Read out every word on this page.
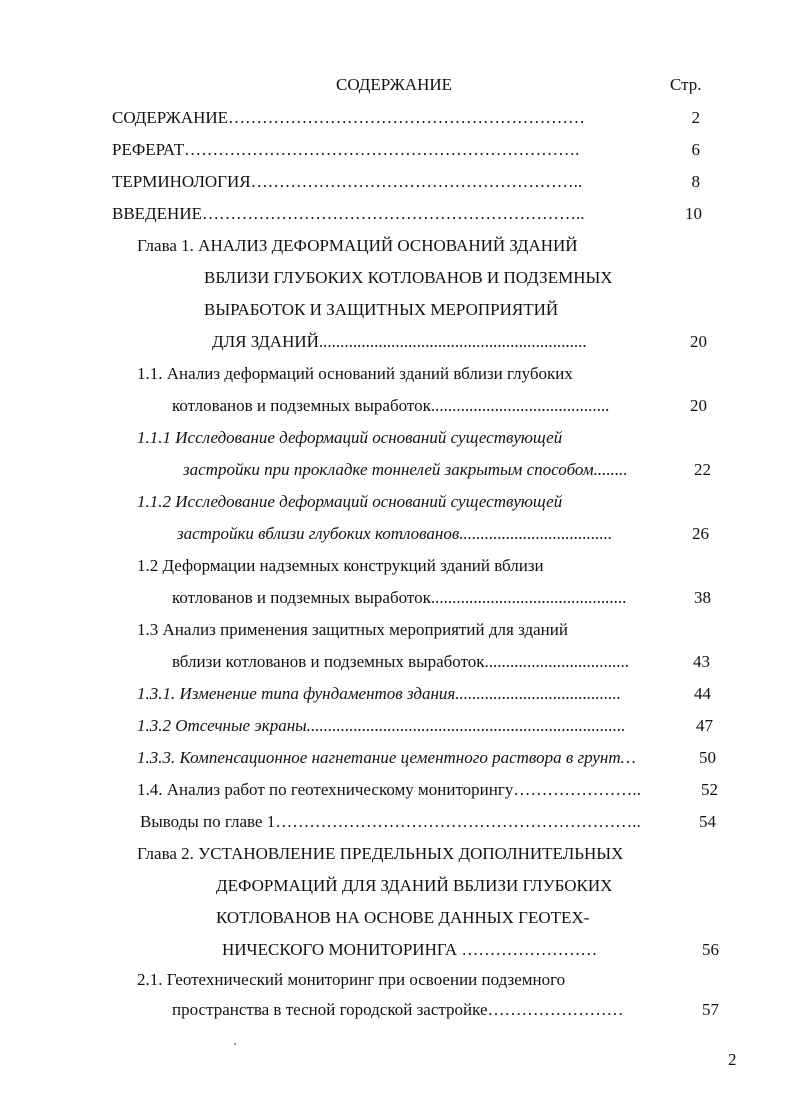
СОДЕРЖАНИЕ	Стр.
СОДЕРЖАНИЕ………………………………………………………	2
РЕФЕРАТ…………………………………………………………….	6
ТЕРМИНОЛОГИЯ…………………………………………………..	8
ВВЕДЕНИЕ…………………………………………………………..	10
Глава 1. АНАЛИЗ ДЕФОРМАЦИЙ ОСНОВАНИЙ ЗДАНИЙ
ВБЛИЗИ ГЛУБОКИХ КОТЛОВАНОВ И ПОДЗЕМНЫХ
ВЫРАБОТОК И ЗАЩИТНЫХ МЕРОПРИЯТИЙ
ДЛЯ ЗДАНИЙ...............................................................	20
1.1. Анализ деформаций оснований зданий вблизи глубоких
котлованов и подземных выработок..........................................	20
1.1.1 Исследование деформаций оснований существующей
застройки при прокладке тоннелей закрытым способом........	22
1.1.2 Исследование деформаций оснований существующей
застройки вблизи глубоких котлованов....................................	26
1.2 Деформации надземных конструкций зданий вблизи
котлованов и подземных выработок..............................................	38
1.3 Анализ применения защитных мероприятий для зданий
вблизи котлованов и подземных выработок..................................	43
1.3.1. Изменение типа фундаментов здания.......................................	44
1.3.2 Отсечные экраны...........................................................................	47
1.3.3. Компенсационное нагнетание цементного раствора в грунт…	50
1.4. Анализ работ по геотехническому мониторингу…………………..	52
Выводы по главе 1………………………………………………………..	54
Глава 2. УСТАНОВЛЕНИЕ ПРЕДЕЛЬНЫХ ДОПОЛНИТЕЛЬНЫХ
ДЕФОРМАЦИЙ ДЛЯ ЗДАНИЙ ВБЛИЗИ ГЛУБОКИХ
КОТЛОВАНОВ НА ОСНОВЕ ДАННЫХ ГЕОТЕХ-
НИЧЕСКОГО МОНИТОРИНГА ……………………	56
2.1. Геотехнический мониторинг при освоении подземного
пространства в тесной городской застройке……………………	57
2
